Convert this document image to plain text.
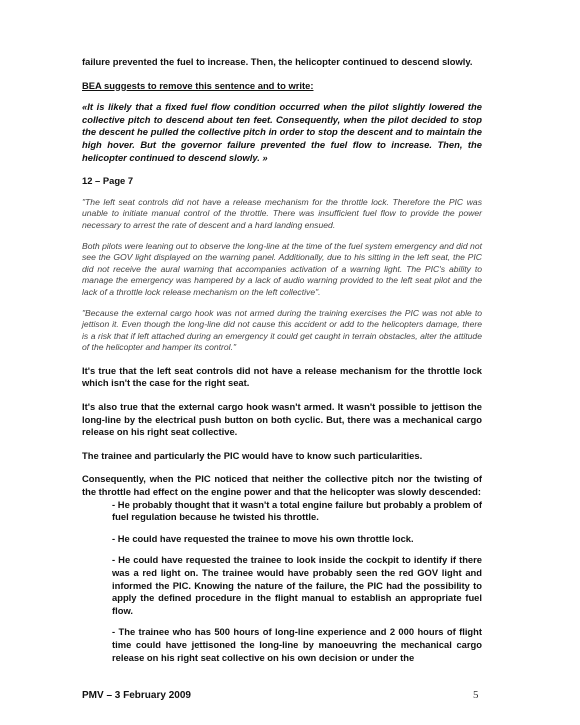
failure prevented the fuel to increase. Then, the helicopter continued to descend slowly.

BEA suggests to remove this sentence and to write:

«It is likely that a fixed fuel flow condition occurred when the pilot slightly lowered the collective pitch to descend about ten feet. Consequently, when the pilot decided to stop the descent he pulled the collective pitch in order to stop the descent and to maintain the high hover. But the governor failure prevented the fuel flow to increase. Then, the helicopter continued to descend slowly. »

12 – Page 7

"The left seat controls did not have a release mechanism for the throttle lock. Therefore the PIC was unable to initiate manual control of the throttle. There was insufficient fuel flow to provide the power necessary to arrest the rate of descent and a hard landing ensued.

Both pilots were leaning out to observe the long-line at the time of the fuel system emergency and did not see the GOV light displayed on the warning panel. Additionally, due to his sitting in the left seat, the PIC did not receive the aural warning that accompanies activation of a warning light. The PIC's ability to manage the emergency was hampered by a lack of audio warning provided to the left seat pilot and the lack of a throttle lock release mechanism on the left collective".

"Because the external cargo hook was not armed during the training exercises the PIC was not able to jettison it. Even though the long-line did not cause this accident or add to the helicopters damage, there is a risk that if left attached during an emergency it could get caught in terrain obstacles, alter the attitude of the helicopter and hamper its control."

It's true that the left seat controls did not have a release mechanism for the throttle lock which isn't the case for the right seat.

It's also true that the external cargo hook wasn't armed. It wasn't possible to jettison the long-line by the electrical push button on both cyclic. But, there was a mechanical cargo release on his right seat collective.

The trainee and particularly the PIC would have to know such particularities.

Consequently, when the PIC noticed that neither the collective pitch nor the twisting of the throttle had effect on the engine power and that the helicopter was slowly descended:

- He probably thought that it wasn't a total engine failure but probably a problem of fuel regulation because he twisted his throttle.

- He could have requested the trainee to move his own throttle lock.

- He could have requested the trainee to look inside the cockpit to identify if there was a red light on. The trainee would have probably seen the red GOV light and informed the PIC. Knowing the nature of the failure, the PIC had the possibility to apply the defined procedure in the flight manual to establish an appropriate fuel flow.

- The trainee who has 500 hours of long-line experience and 2 000 hours of flight time could have jettisoned the long-line by manoeuvring the mechanical cargo release on his right seat collective on his own decision or under the

PMV – 3 February 2009	5
